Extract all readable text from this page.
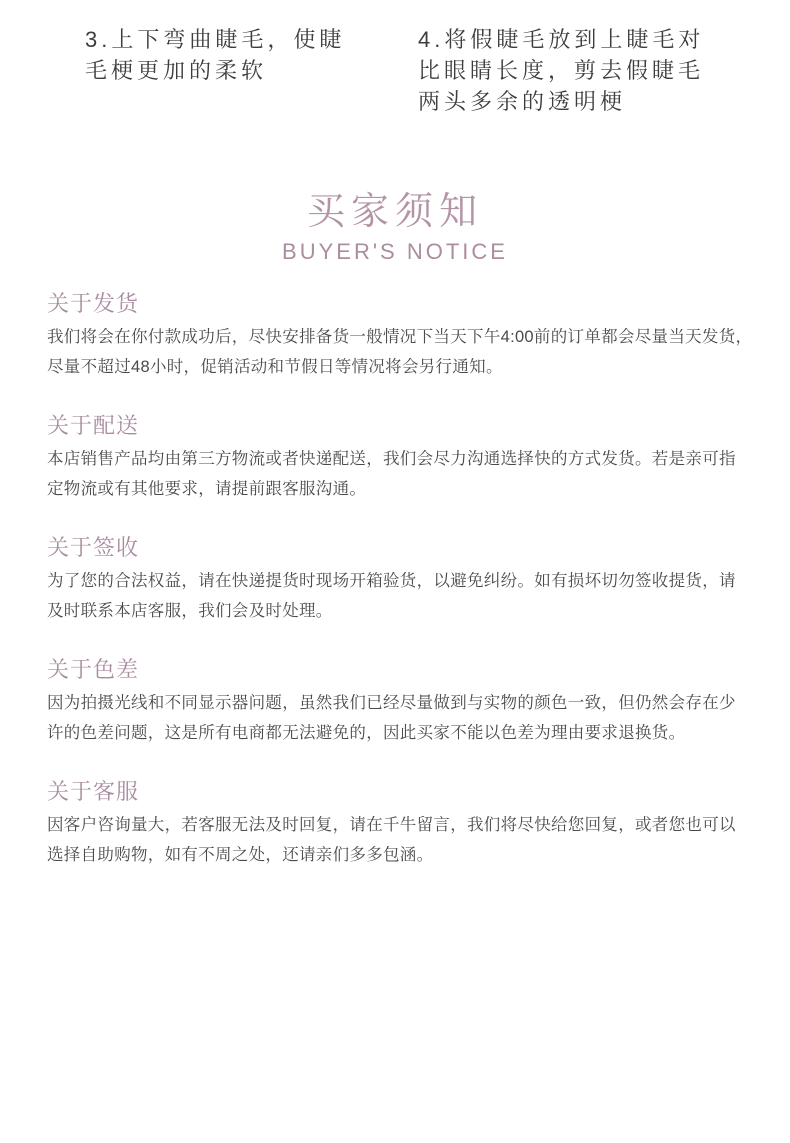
3.上下弯曲睫毛，使睫
毛梗更加的柔软
4.将假睫毛放到上睫毛对
比眼睛长度，剪去假睫毛
两头多余的透明梗
买家须知
BUYER'S NOTICE
关于发货
我们将会在你付款成功后，尽快安排备货一般情况下当天下午4:00前的订单都会尽量当天发货，
尽量不超过48小时，促销活动和节假日等情况将会另行通知。
关于配送
本店销售产品均由第三方物流或者快递配送，我们会尽力沟通选择快的方式发货。若是亲可指
定物流或有其他要求，请提前跟客服沟通。
关于签收
为了您的合法权益，请在快递提货时现场开箱验货，以避免纠纷。如有损坏切勿签收提货，请
及时联系本店客服，我们会及时处理。
关于色差
因为拍摄光线和不同显示器问题，虽然我们已经尽量做到与实物的颜色一致，但仍然会存在少
许的色差问题，这是所有电商都无法避免的，因此买家不能以色差为理由要求退换货。
关于客服
因客户咨询量大，若客服无法及时回复，请在千牛留言，我们将尽快给您回复，或者您也可以
选择自助购物，如有不周之处，还请亲们多多包涵。
